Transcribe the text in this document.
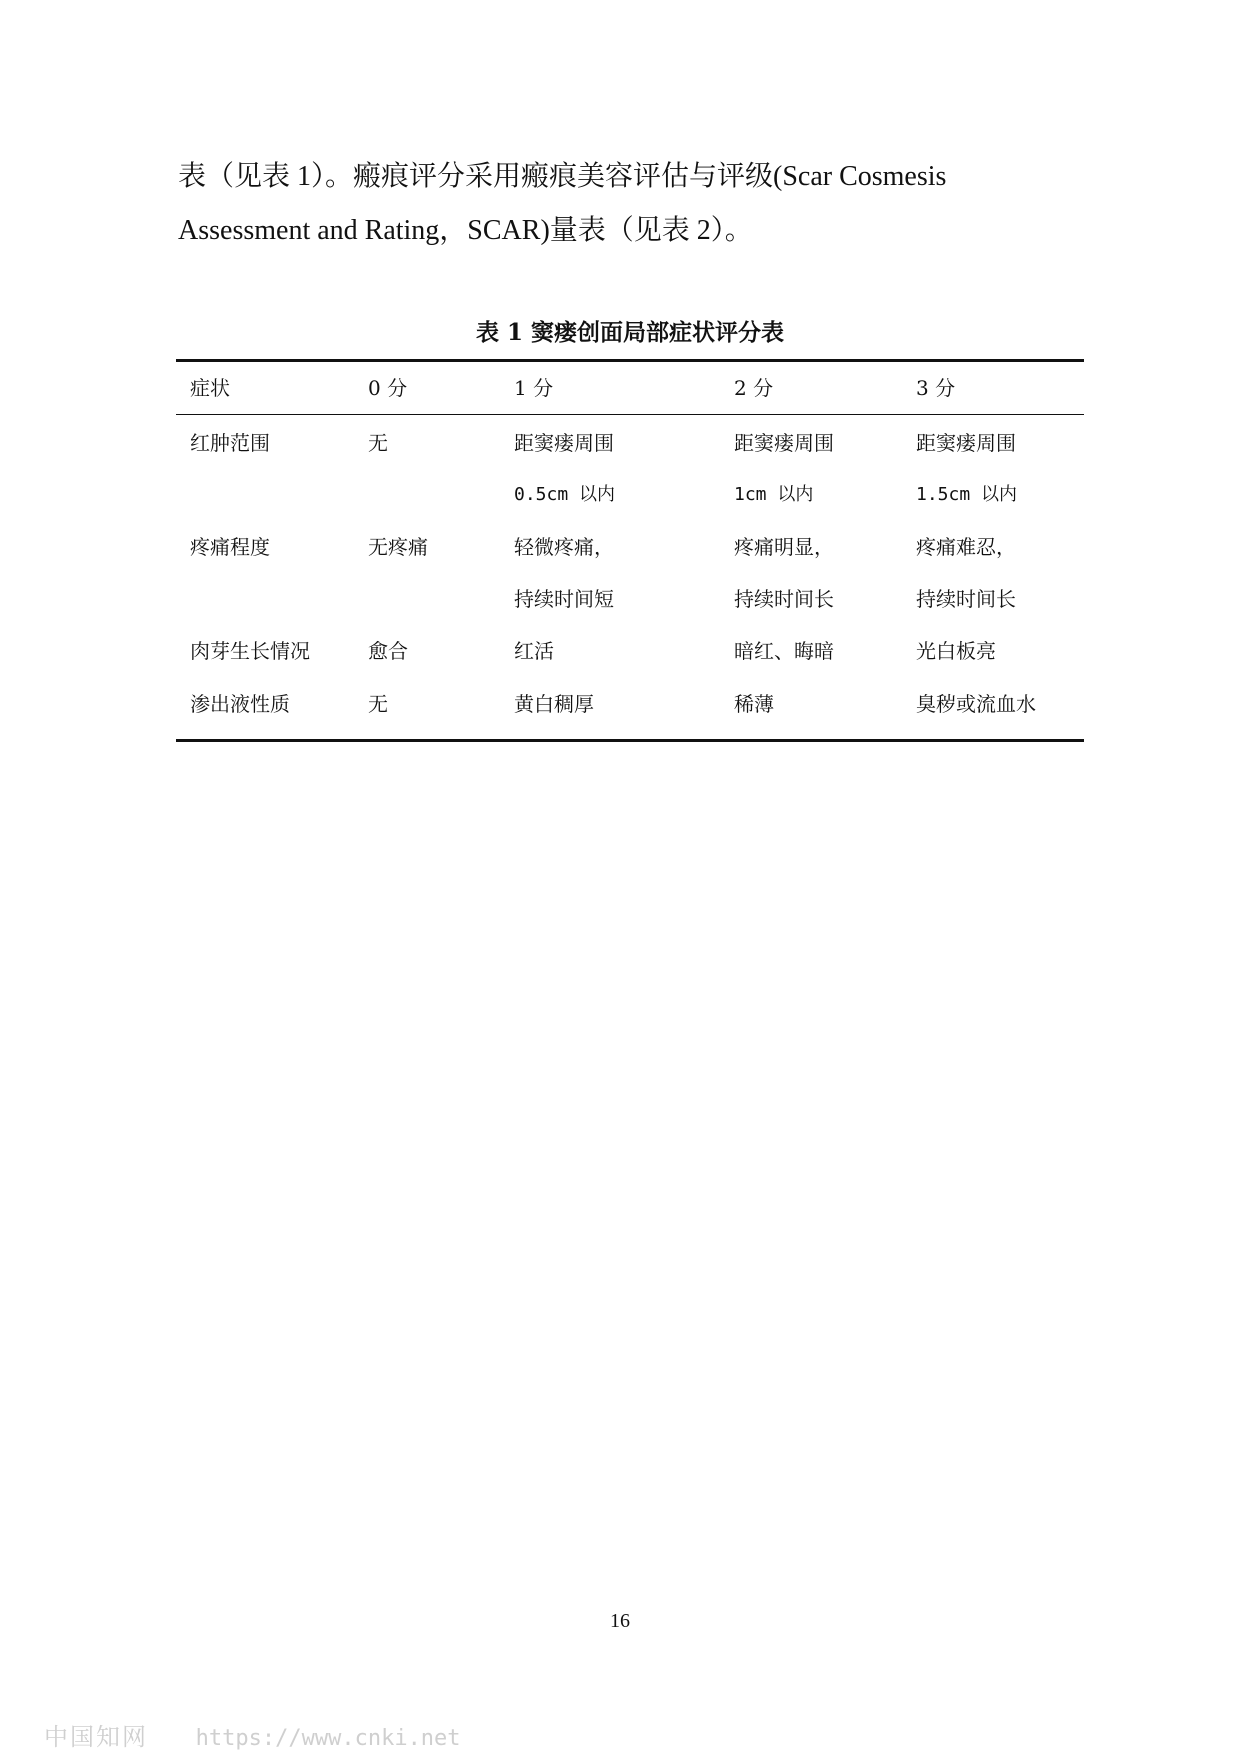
表（见表 1）。瘢痕评分采用瘢痕美容评估与评级(Scar Cosmesis
Assessment and Rating，SCAR)量表（见表 2）。
表 1 窦瘘创面局部症状评分表
症状	0 分	1 分	2 分	3 分
红肿范围	无	距窦瘘周围	距窦瘘周围	距窦瘘周围
		0.5cm 以内	1cm 以内	1.5cm 以内
疼痛程度	无疼痛	轻微疼痛，	疼痛明显，	疼痛难忍，
		持续时间短	持续时间长	持续时间长
肉芽生长情况	愈合	红活	暗红、晦暗	光白板亮
渗出液性质	无	黄白稠厚	稀薄	臭秽或流血水
16
中国知网 https://www.cnki.net
